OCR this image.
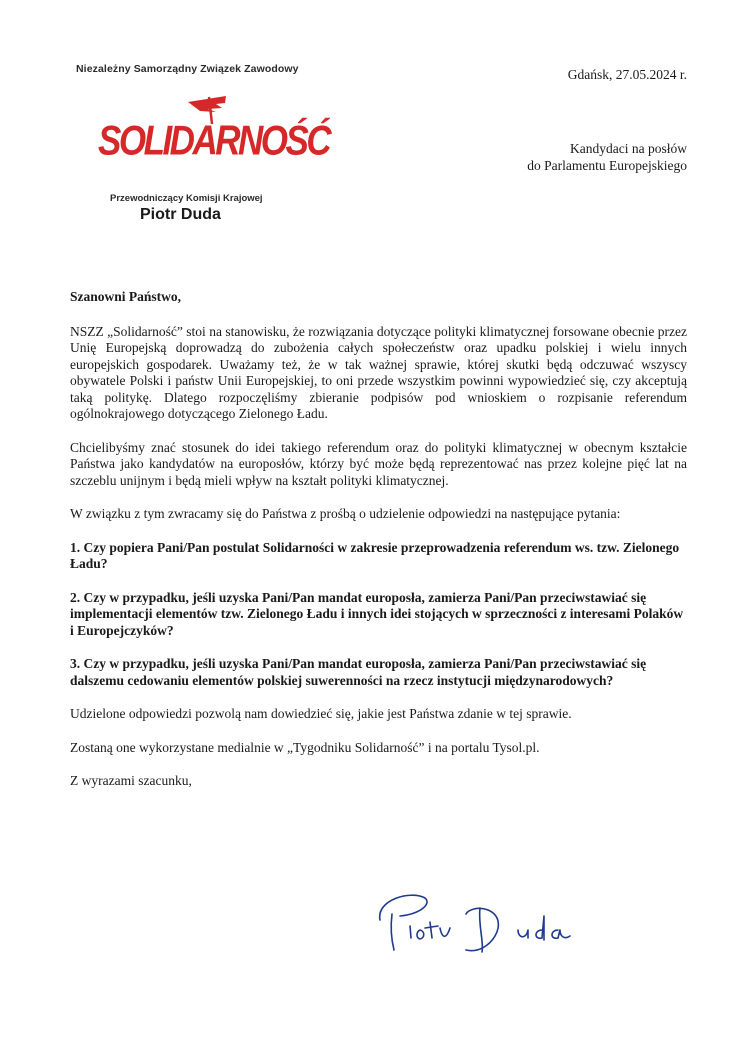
Niezależny Samorządny Związek Zawodowy
SOLIDARNOŚĆ
Przewodniczący Komisji Krajowej
Piotr Duda
Gdańsk, 27.05.2024 r.
Kandydaci na posłów
do Parlamentu Europejskiego

Szanowni Państwo,

NSZZ „Solidarność” stoi na stanowisku, że rozwiązania dotyczące polityki klimatycznej forsowane obecnie przez Unię Europejską doprowadzą do zubożenia całych społeczeństw oraz upadku polskiej i wielu innych europejskich gospodarek. Uważamy też, że w tak ważnej sprawie, której skutki będą odczuwać wszyscy obywatele Polski i państw Unii Europejskiej, to oni przede wszystkim powinni wypowiedzieć się, czy akceptują taką politykę. Dlatego rozpoczęliśmy zbieranie podpisów pod wnioskiem o rozpisanie referendum ogólnokrajowego dotyczącego Zielonego Ładu.

Chcielibyśmy znać stosunek do idei takiego referendum oraz do polityki klimatycznej w obecnym kształcie Państwa jako kandydatów na europosłów, którzy być może będą reprezentować nas przez kolejne pięć lat na szczeblu unijnym i będą mieli wpływ na kształt polityki klimatycznej.

W związku z tym zwracamy się do Państwa z prośbą o udzielenie odpowiedzi na następujące pytania:

1. Czy popiera Pani/Pan postulat Solidarności w zakresie przeprowadzenia referendum ws. tzw. Zielonego Ładu?

2. Czy w przypadku, jeśli uzyska Pani/Pan mandat europosła, zamierza Pani/Pan przeciwstawiać się implementacji elementów tzw. Zielonego Ładu i innych idei stojących w sprzeczności z interesami Polaków i Europejczyków?

3. Czy w przypadku, jeśli uzyska Pani/Pan mandat europosła, zamierza Pani/Pan przeciwstawiać się dalszemu cedowaniu elementów polskiej suwerenności na rzecz instytucji międzynarodowych?

Udzielone odpowiedzi pozwolą nam dowiedzieć się, jakie jest Państwa zdanie w tej sprawie.

Zostaną one wykorzystane medialnie w „Tygodniku Solidarność” i na portalu Tysol.pl.

Z wyrazami szacunku,
